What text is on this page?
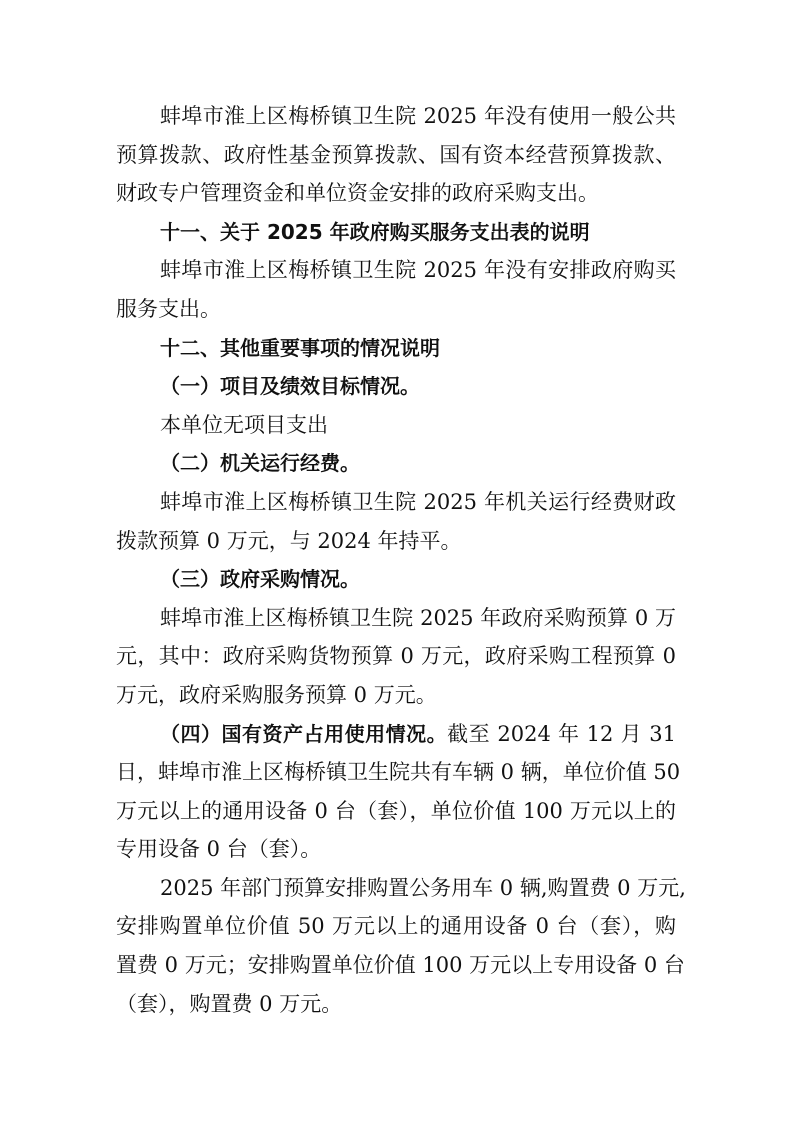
蚌埠市淮上区梅桥镇卫生院 2025 年没有使用一般公共
预算拨款、政府性基金预算拨款、国有资本经营预算拨款、
财政专户管理资金和单位资金安排的政府采购支出。
十一、关于 2025 年政府购买服务支出表的说明
蚌埠市淮上区梅桥镇卫生院 2025 年没有安排政府购买
服务支出。
十二、其他重要事项的情况说明
（一）项目及绩效目标情况。
本单位无项目支出
（二）机关运行经费。
蚌埠市淮上区梅桥镇卫生院 2025 年机关运行经费财政
拨款预算 0 万元，与 2024 年持平。
（三）政府采购情况。
蚌埠市淮上区梅桥镇卫生院 2025 年政府采购预算 0 万
元，其中：政府采购货物预算 0 万元，政府采购工程预算 0
万元，政府采购服务预算 0 万元。
（四）国有资产占用使用情况。截至 2024 年 12 月 31
日，蚌埠市淮上区梅桥镇卫生院共有车辆 0 辆，单位价值 50
万元以上的通用设备 0 台（套），单位价值 100 万元以上的
专用设备 0 台（套）。
2025 年部门预算安排购置公务用车 0 辆,购置费 0 万元,
安排购置单位价值 50 万元以上的通用设备 0 台（套），购
置费 0 万元；安排购置单位价值 100 万元以上专用设备 0 台
（套），购置费 0 万元。
